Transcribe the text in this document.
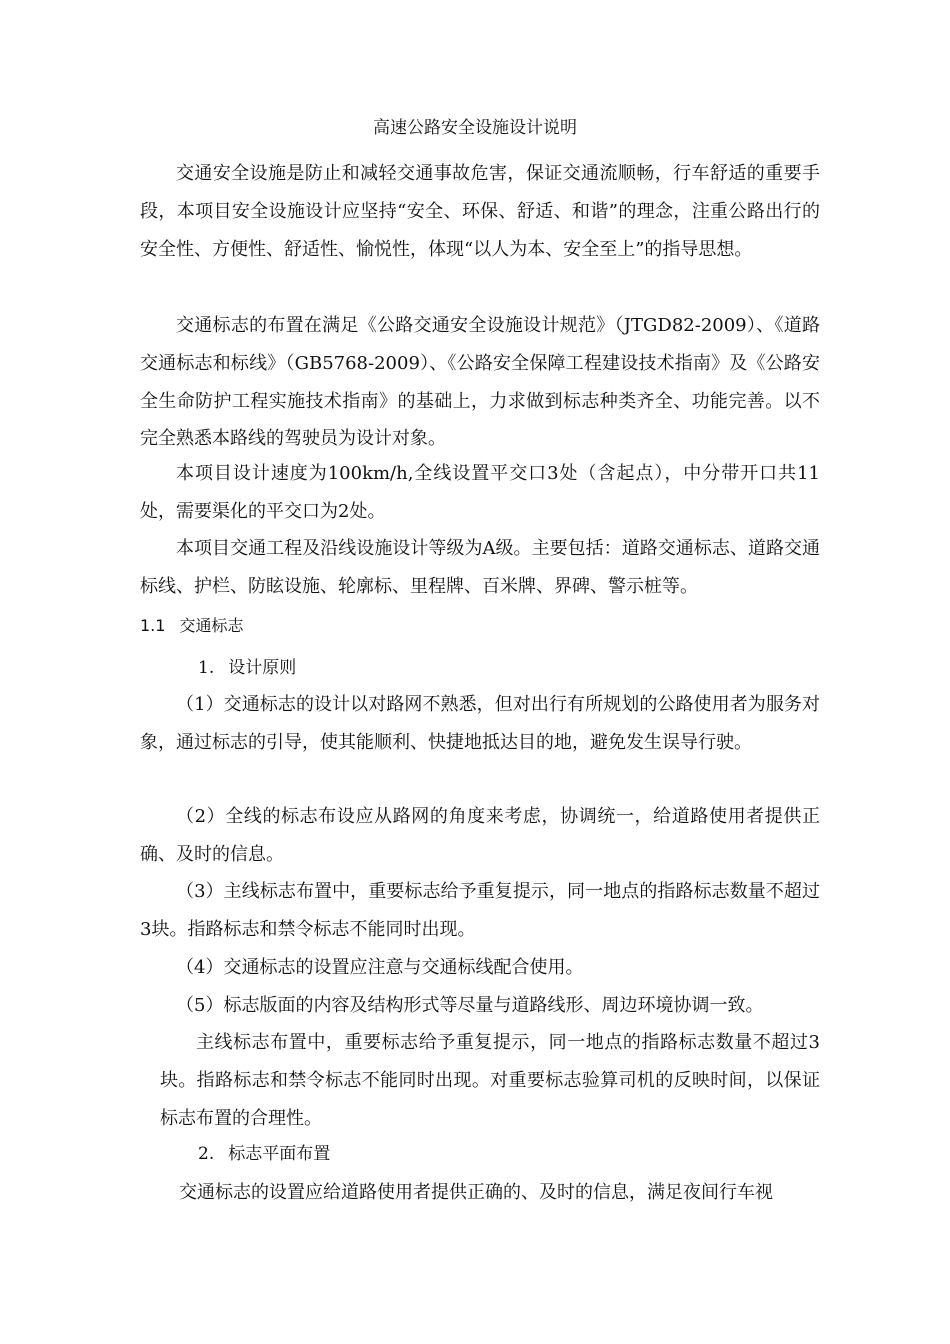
高速公路安全设施设计说明

交通安全设施是防止和减轻交通事故危害，保证交通流顺畅，行车舒适的重要手段，本项目安全设施设计应坚持“安全、环保、舒适、和谐”的理念，注重公路出行的安全性、方便性、舒适性、愉悦性，体现“以人为本、安全至上”的指导思想。

交通标志的布置在满足《公路交通安全设施设计规范》（JTGD82-2009）、《道路交通标志和标线》（GB5768-2009）、《公路安全保障工程建设技术指南》及《公路安全生命防护工程实施技术指南》的基础上，力求做到标志种类齐全、功能完善。以不完全熟悉本路线的驾驶员为设计对象。

本项目设计速度为100km/h,全线设置平交口3处（含起点），中分带开口共11处，需要渠化的平交口为2处。

本项目交通工程及沿线设施设计等级为A级。主要包括：道路交通标志、道路交通标线、护栏、防眩设施、轮廓标、里程牌、百米牌、界碑、警示桩等。

1.1 交通标志
1. 设计原则

（1）交通标志的设计以对路网不熟悉，但对出行有所规划的公路使用者为服务对象，通过标志的引导，使其能顺利、快捷地抵达目的地，避免发生误导行驶。

（2）全线的标志布设应从路网的角度来考虑，协调统一，给道路使用者提供正确、及时的信息。

（3）主线标志布置中，重要标志给予重复提示，同一地点的指路标志数量不超过3块。指路标志和禁令标志不能同时出现。

（4）交通标志的设置应注意与交通标线配合使用。

（5）标志版面的内容及结构形式等尽量与道路线形、周边环境协调一致。

主线标志布置中，重要标志给予重复提示，同一地点的指路标志数量不超过3块。指路标志和禁令标志不能同时出现。对重要标志验算司机的反映时间，以保证标志布置的合理性。

2. 标志平面布置

交通标志的设置应给道路使用者提供正确的、及时的信息，满足夜间行车视
